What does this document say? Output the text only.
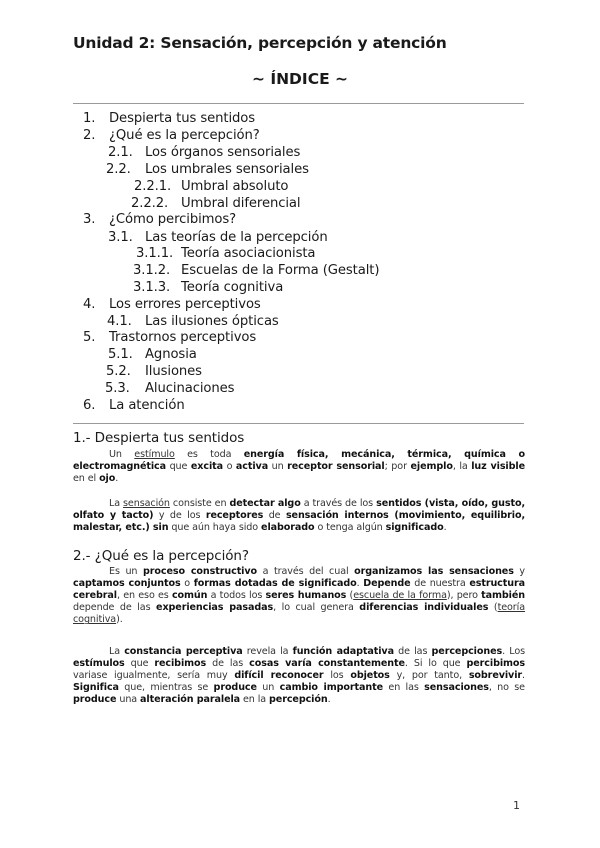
Unidad 2: Sensación, percepción y atención
~ ÍNDICE ~
1. Despierta tus sentidos
2. ¿Qué es la percepción?
2.1. Los órganos sensoriales
2.2. Los umbrales sensoriales
2.2.1. Umbral absoluto
2.2.2. Umbral diferencial
3. ¿Cómo percibimos?
3.1. Las teorías de la percepción
3.1.1. Teoría asociacionista
3.1.2. Escuelas de la Forma (Gestalt)
3.1.3. Teoría cognitiva
4. Los errores perceptivos
4.1. Las ilusiones ópticas
5. Trastornos perceptivos
5.1. Agnosia
5.2. Ilusiones
5.3. Alucinaciones
6. La atención
1.- Despierta tus sentidos

Un estímulo es toda energía física, mecánica, térmica, química o electromagnética que excita o activa un receptor sensorial; por ejemplo, la luz visible en el ojo.

La sensación consiste en detectar algo a través de los sentidos (vista, oído, gusto, olfato y tacto) y de los receptores de sensación internos (movimiento, equilibrio, malestar, etc.) sin que aún haya sido elaborado o tenga algún significado.

2.- ¿Qué es la percepción?

Es un proceso constructivo a través del cual organizamos las sensaciones y captamos conjuntos o formas dotadas de significado. Depende de nuestra estructura cerebral, en eso es común a todos los seres humanos (escuela de la forma), pero también depende de las experiencias pasadas, lo cual genera diferencias individuales (teoría cognitiva).

La constancia perceptiva revela la función adaptativa de las percepciones. Los estímulos que recibimos de las cosas varía constantemente. Si lo que percibimos variase igualmente, sería muy difícil reconocer los objetos y, por tanto, sobrevivir. Significa que, mientras se produce un cambio importante en las sensaciones, no se produce una alteración paralela en la percepción.

1
